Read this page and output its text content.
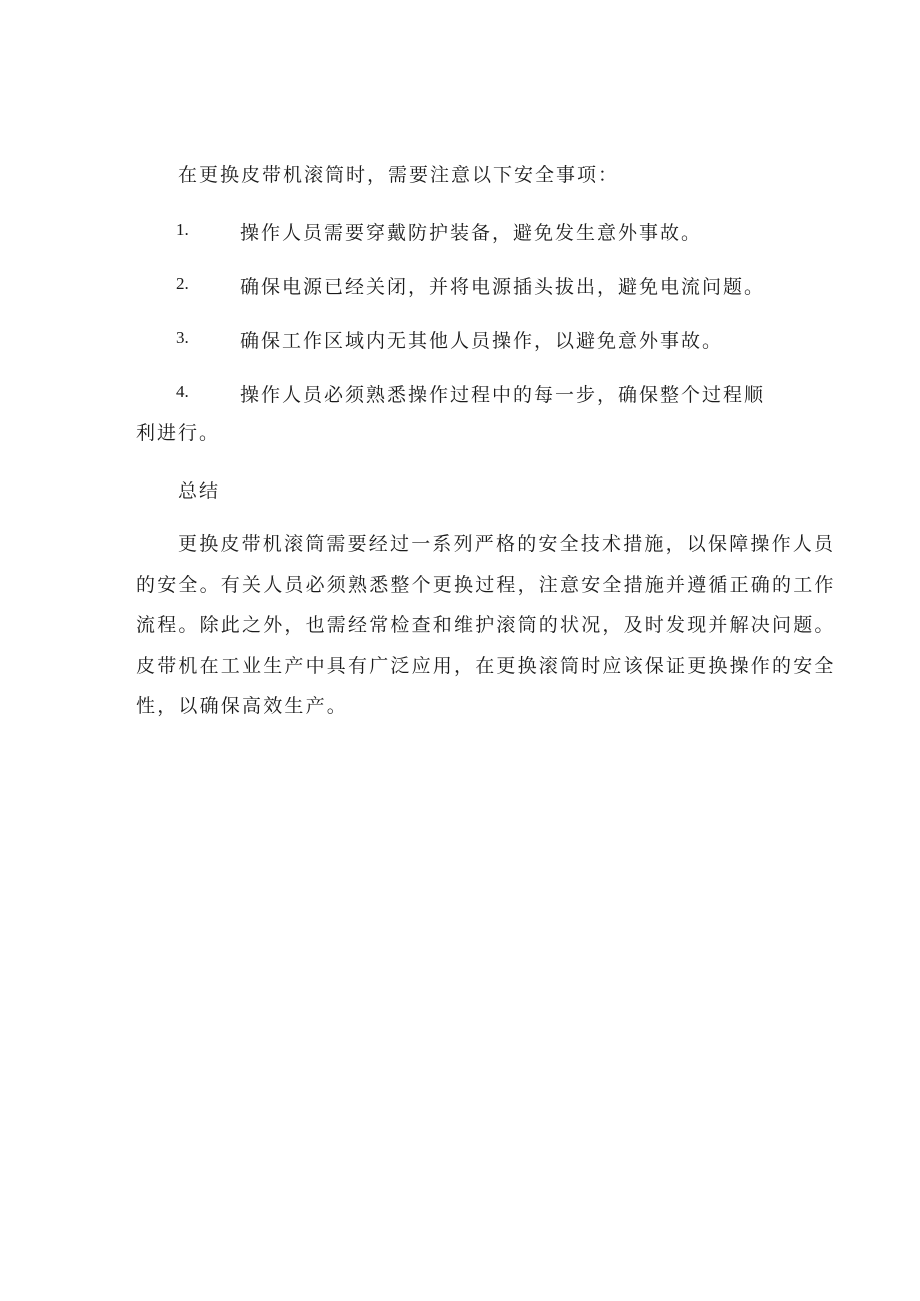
在更换皮带机滚筒时，需要注意以下安全事项：
1.	操作人员需要穿戴防护装备，避免发生意外事故。
2.	确保电源已经关闭，并将电源插头拔出，避免电流问题。
3.	确保工作区域内无其他人员操作，以避免意外事故。
4.	操作人员必须熟悉操作过程中的每一步，确保整个过程顺
利进行。
总结
更换皮带机滚筒需要经过一系列严格的安全技术措施，以保障操作人员
的安全。有关人员必须熟悉整个更换过程，注意安全措施并遵循正确的工作
流程。除此之外，也需经常检查和维护滚筒的状况，及时发现并解决问题。
皮带机在工业生产中具有广泛应用，在更换滚筒时应该保证更换操作的安全
性，以确保高效生产。
